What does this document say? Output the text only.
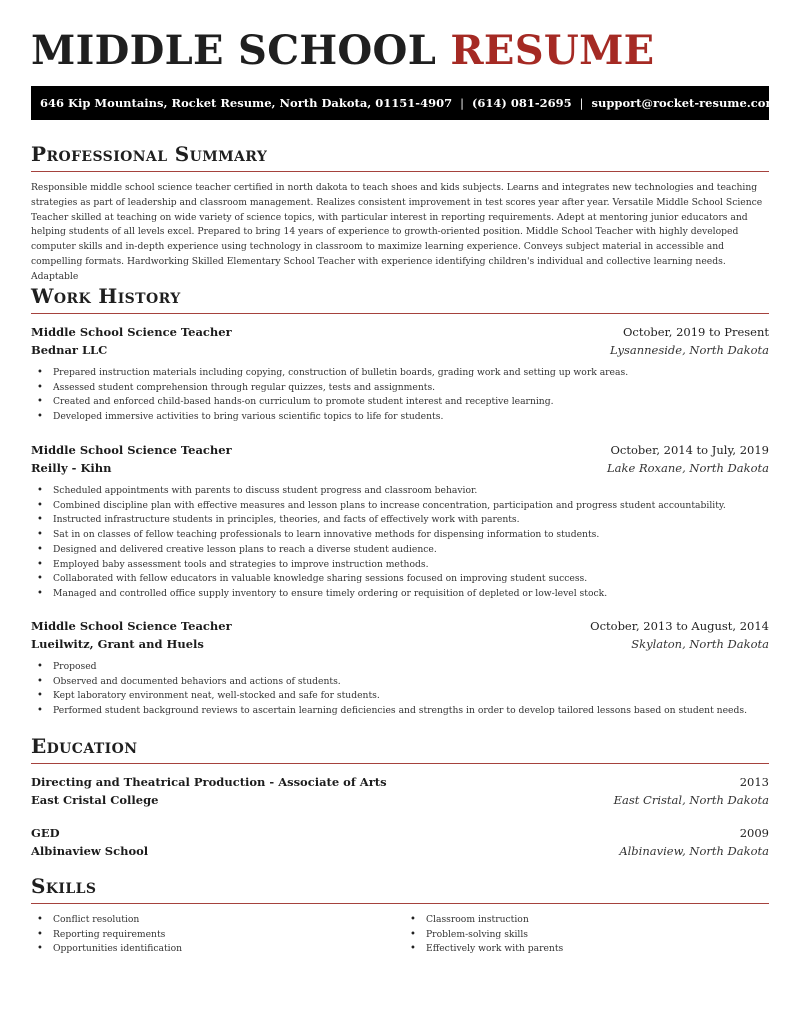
MIDDLE SCHOOL RESUME
646 Kip Mountains, Rocket Resume, North Dakota, 01151-4907 | (614) 081-2695 | support@rocket-resume.com
Professional Summary

Responsible middle school science teacher certified in north dakota to teach shoes and kids subjects. Learns and integrates new technologies and teaching strategies as part of leadership and classroom management. Realizes consistent improvement in test scores year after year. Versatile Middle School Science Teacher skilled at teaching on wide variety of science topics, with particular interest in reporting requirements. Adept at mentoring junior educators and helping students of all levels excel. Prepared to bring 14 years of experience to growth-oriented position. Middle School Teacher with highly developed computer skills and in-depth experience using technology in classroom to maximize learning experience. Conveys subject material in accessible and compelling formats. Hardworking Skilled Elementary School Teacher with experience identifying children's individual and collective learning needs. Adaptable

Work History
Middle School Science Teacher	October, 2019 to Present
Bednar LLC	Lysanneside, North Dakota
• Prepared instruction materials including copying, construction of bulletin boards, grading work and setting up work areas.
• Assessed student comprehension through regular quizzes, tests and assignments.
• Created and enforced child-based hands-on curriculum to promote student interest and receptive learning.
• Developed immersive activities to bring various scientific topics to life for students.
Middle School Science Teacher	October, 2014 to July, 2019
Reilly - Kihn	Lake Roxane, North Dakota
• Scheduled appointments with parents to discuss student progress and classroom behavior.
• Combined discipline plan with effective measures and lesson plans to increase concentration, participation and progress student accountability.
• Instructed infrastructure students in principles, theories, and facts of effectively work with parents.
• Sat in on classes of fellow teaching professionals to learn innovative methods for dispensing information to students.
• Designed and delivered creative lesson plans to reach a diverse student audience.
• Employed baby assessment tools and strategies to improve instruction methods.
• Collaborated with fellow educators in valuable knowledge sharing sessions focused on improving student success.
• Managed and controlled office supply inventory to ensure timely ordering or requisition of depleted or low-level stock.
Middle School Science Teacher	October, 2013 to August, 2014
Lueilwitz, Grant and Huels	Skylaton, North Dakota
• Proposed
• Observed and documented behaviors and actions of students.
• Kept laboratory environment neat, well-stocked and safe for students.
• Performed student background reviews to ascertain learning deficiencies and strengths in order to develop tailored lessons based on student needs.
Education
Directing and Theatrical Production - Associate of Arts	2013
East Cristal College	East Cristal, North Dakota
GED	2009
Albinaview School	Albinaview, North Dakota
Skills
• Conflict resolution
• Reporting requirements
• Opportunities identification
• Classroom instruction
• Problem-solving skills
• Effectively work with parents
